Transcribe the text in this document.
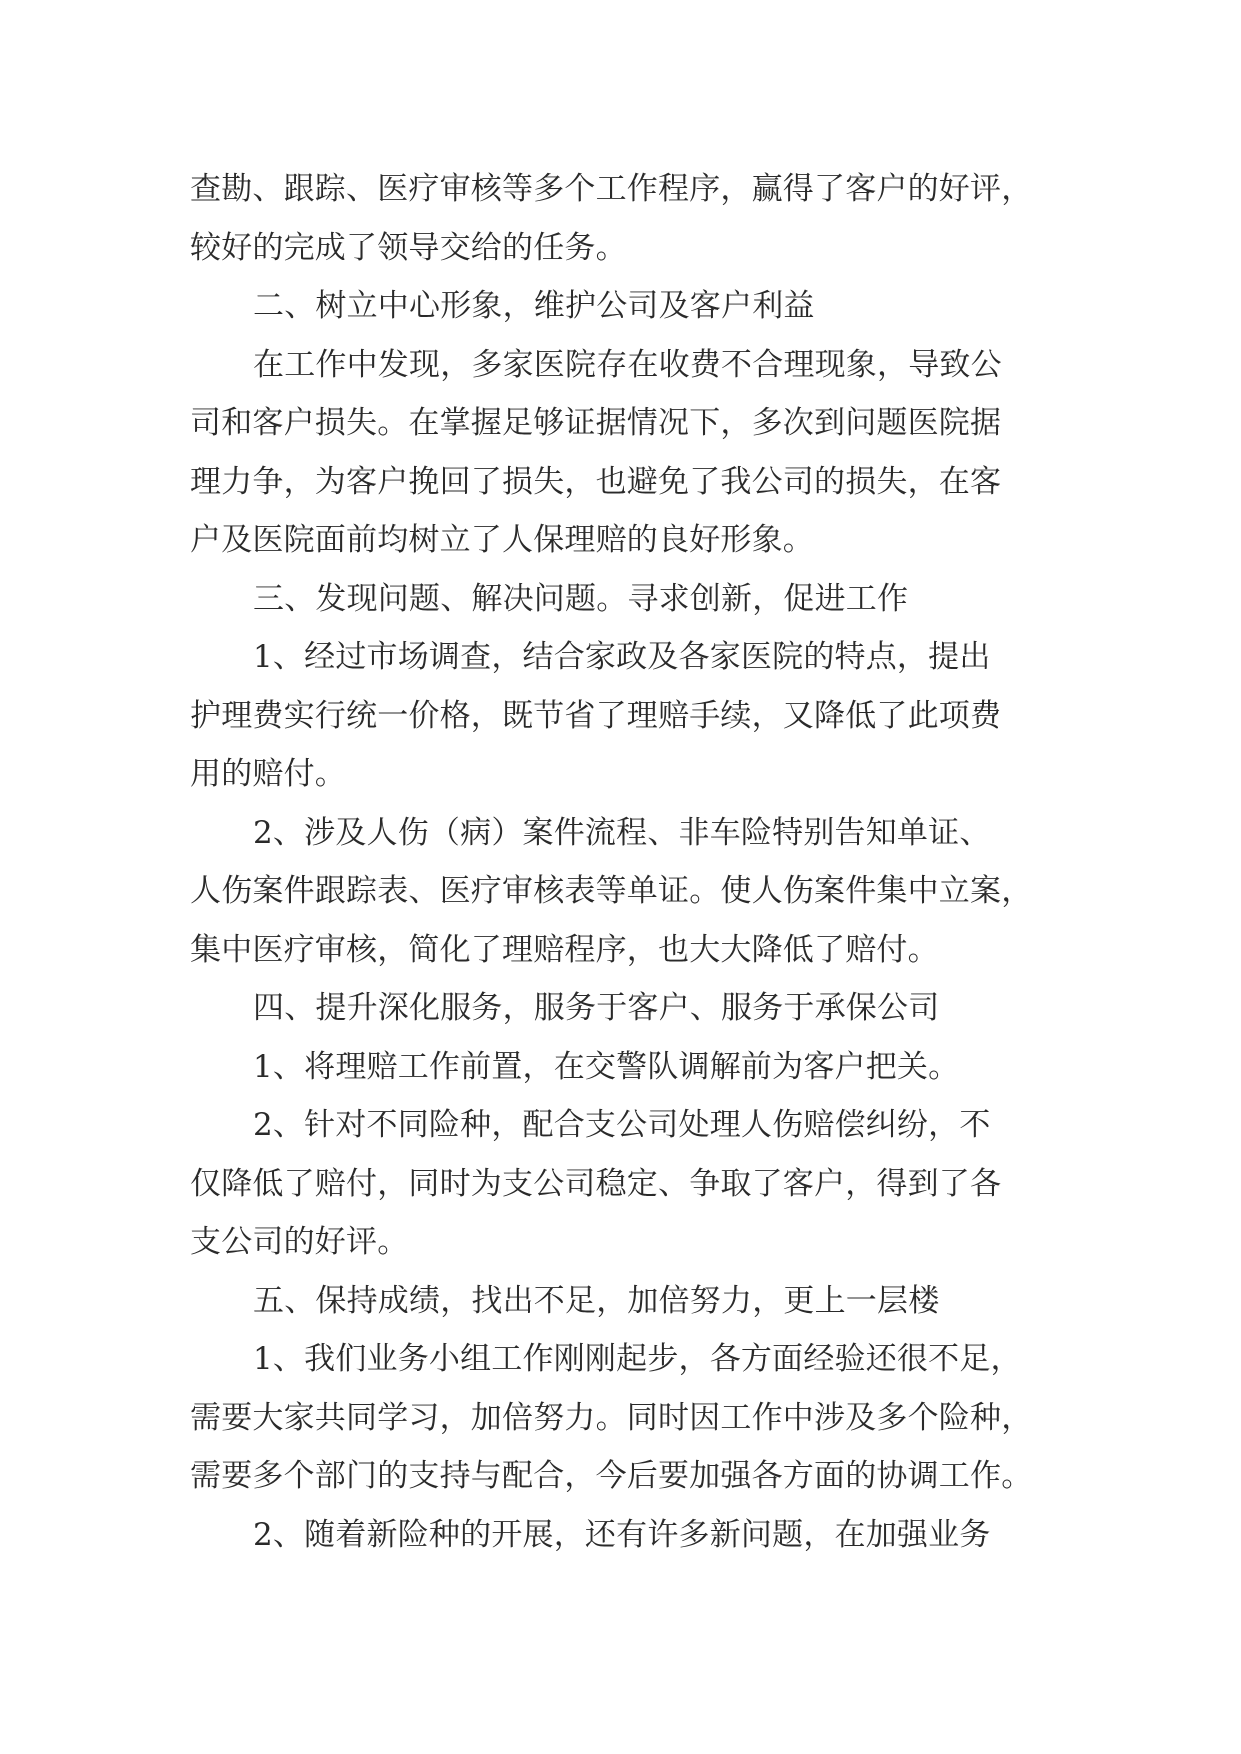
查勘、跟踪、医疗审核等多个工作程序，赢得了客户的好评，
较好的完成了领导交给的任务。
二、树立中心形象，维护公司及客户利益
在工作中发现，多家医院存在收费不合理现象，导致公
司和客户损失。在掌握足够证据情况下，多次到问题医院据
理力争，为客户挽回了损失，也避免了我公司的损失，在客
户及医院面前均树立了人保理赔的良好形象。
三、发现问题、解决问题。寻求创新，促进工作
1、经过市场调查，结合家政及各家医院的特点，提出
护理费实行统一价格，既节省了理赔手续，又降低了此项费
用的赔付。
2、涉及人伤（病）案件流程、非车险特别告知单证、
人伤案件跟踪表、医疗审核表等单证。使人伤案件集中立案，
集中医疗审核，简化了理赔程序，也大大降低了赔付。
四、提升深化服务，服务于客户、服务于承保公司
1、将理赔工作前置，在交警队调解前为客户把关。
2、针对不同险种，配合支公司处理人伤赔偿纠纷，不
仅降低了赔付，同时为支公司稳定、争取了客户，得到了各
支公司的好评。
五、保持成绩，找出不足，加倍努力，更上一层楼
1、我们业务小组工作刚刚起步，各方面经验还很不足，
需要大家共同学习，加倍努力。同时因工作中涉及多个险种，
需要多个部门的支持与配合，今后要加强各方面的协调工作。
2、随着新险种的开展，还有许多新问题，在加强业务
